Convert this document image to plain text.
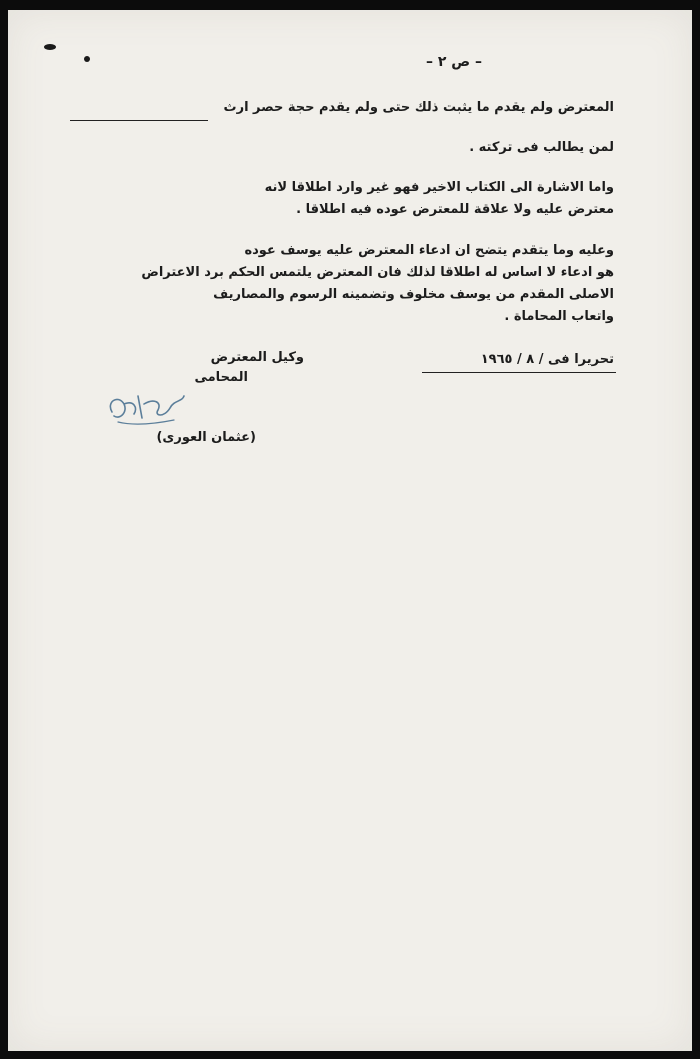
– ص ٢ –
المعترض ولم يقدم ما يثبت ذلك حتى ولم يقدم حجة حصر ارث
لمن يطالب فى تركته .
واما الاشارة الى الكتاب الاخير فهو غير وارد اطلاقا لانه
معترض عليه ولا علاقة للمعترض عوده فيه اطلاقا .
وعليه وما يتقدم يتضح ان ادعاء المعترض عليه يوسف عوده
هو ادعاء لا اساس له اطلاقا لذلك فان المعترض يلتمس الحكم برد الاعتراض
الاصلى المقدم من يوسف مخلوف وتضمينه الرسوم والمصاريف
واتعاب المحاماة .
تحريرا فى / ٨ / ١٩٦٥
وكيل المعترض
المحامى
(عثمان العورى)
